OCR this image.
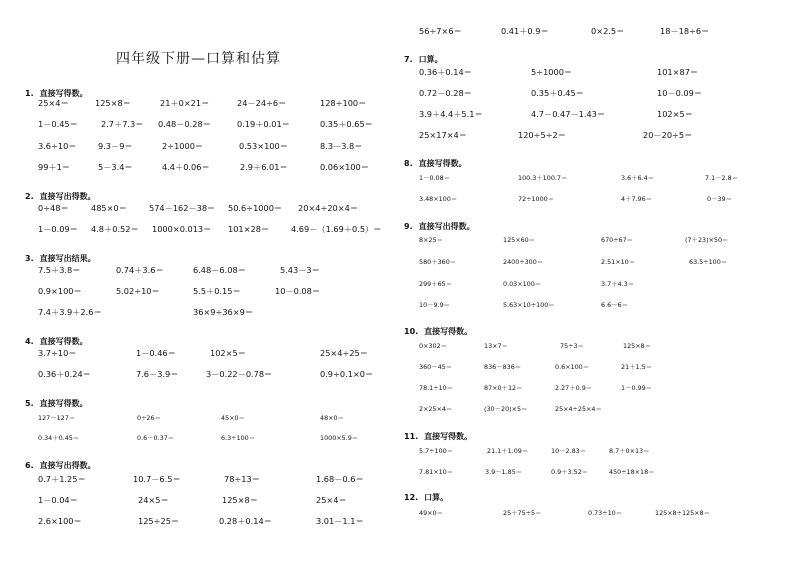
四年级下册—口算和估算
1. 直接写得数。
25×4＝	125×8＝	21＋0×21＝	24－24÷6＝	128÷100＝
1－0.45＝	2.7＋7.3＝ 0.48－0.28＝	0.19＋0.01＝	0.35＋0.65＝
3.6÷10＝	9.3－9＝	2÷1000＝	0.53×100＝	8.3－3.8＝
99＋1＝	5－3.4＝	4.4＋0.06＝	2.9＋6.01＝	0.06×100＝
2. 直接写出得数。
0÷48＝	485×0＝	574－162－38＝ 50.6÷1000＝ 20×4÷20×4＝
1－0.09＝ 4.8＋0.52＝ 1000×0.013＝ 101×28＝	4.69－（1.69＋0.5）＝
3. 直接写出结果。
7.5＋3.8＝	0.74＋3.6＝	6.48－6.08＝	5.43－3＝
0.9×100＝	5.02÷10＝	5.5＋0.15＝	10－0.08＝
7.4＋3.9＋2.6＝	36×9÷36×9＝
4. 直接写得数。
3.7÷10＝	1－0.46＝	102×5＝	25×4÷25＝
0.36＋0.24＝	7.6－3.9＝	3－0.22－0.78＝	0.9÷0.1×0＝
5. 直接写得数。
127－127＝	0÷26＝	45×0＝	48×0＝
0.34＋0.45＝	0.6－0.37＝	6.3÷100＝	1000×5.9＝
6. 直接写出得数。
0.7＋1.25＝	10.7－6.5＝	78÷13＝	1.68－0.6＝
1－0.04＝	24×5＝	125×8＝	25×4＝
2.6×100＝	125÷25＝	0.28＋0.14＝	3.01－1.1＝
56÷7×6＝	0.41＋0.9＝	0×2.5＝	18－18÷6＝
7. 口算。
0.36＋0.14＝	5÷1000＝	101×87＝
0.72－0.28＝	0.35＋0.45＝	10－0.09＝
3.9＋4.4＋5.1＝	4.7－0.47－1.43＝	102×5＝
25×17×4＝	120÷5÷2＝	20－20÷5＝
8. 直接写得数。
1－0.08＝	100.3＋100.7＝	3.6＋6.4＝	7.1－2.8＝
3.48×100＝	72÷1000＝	4＋7.96＝	0－39＝
9. 直接写出得数。
8×25＝	125×60＝	670÷67＝	(7＋23)×50＝
580＋360＝	2400÷300＝	2.51×10＝	63.5÷100＝
299＋65＝	0.03×100＝	3.7＋4.3＝
10－9.9＝	5.63×10÷100＝	6.6－6＝
10. 直接写得数。
0×302＝	13×7＝	75÷3＝	125×8＝
360－45＝	836－836＝	0.6×100＝	21＋1.5＝
78.1÷10＝	87×0＋12＝	2.27＋0.9＝	1－0.99＝
2×25×4＝	(30－20)×5＝	25×4÷25×4＝
11. 直接写得数。
5.7÷100＝	21.1＋1.09＝	10－2.83＝	8.7＋0×13＝
7.81×10＝	3.9－1.85＝	0.9＋3.52＝	450÷18×18＝
12. 口算。
49×0＝	25＋75÷5＝	0.73÷10＝	125×8÷125×8＝
